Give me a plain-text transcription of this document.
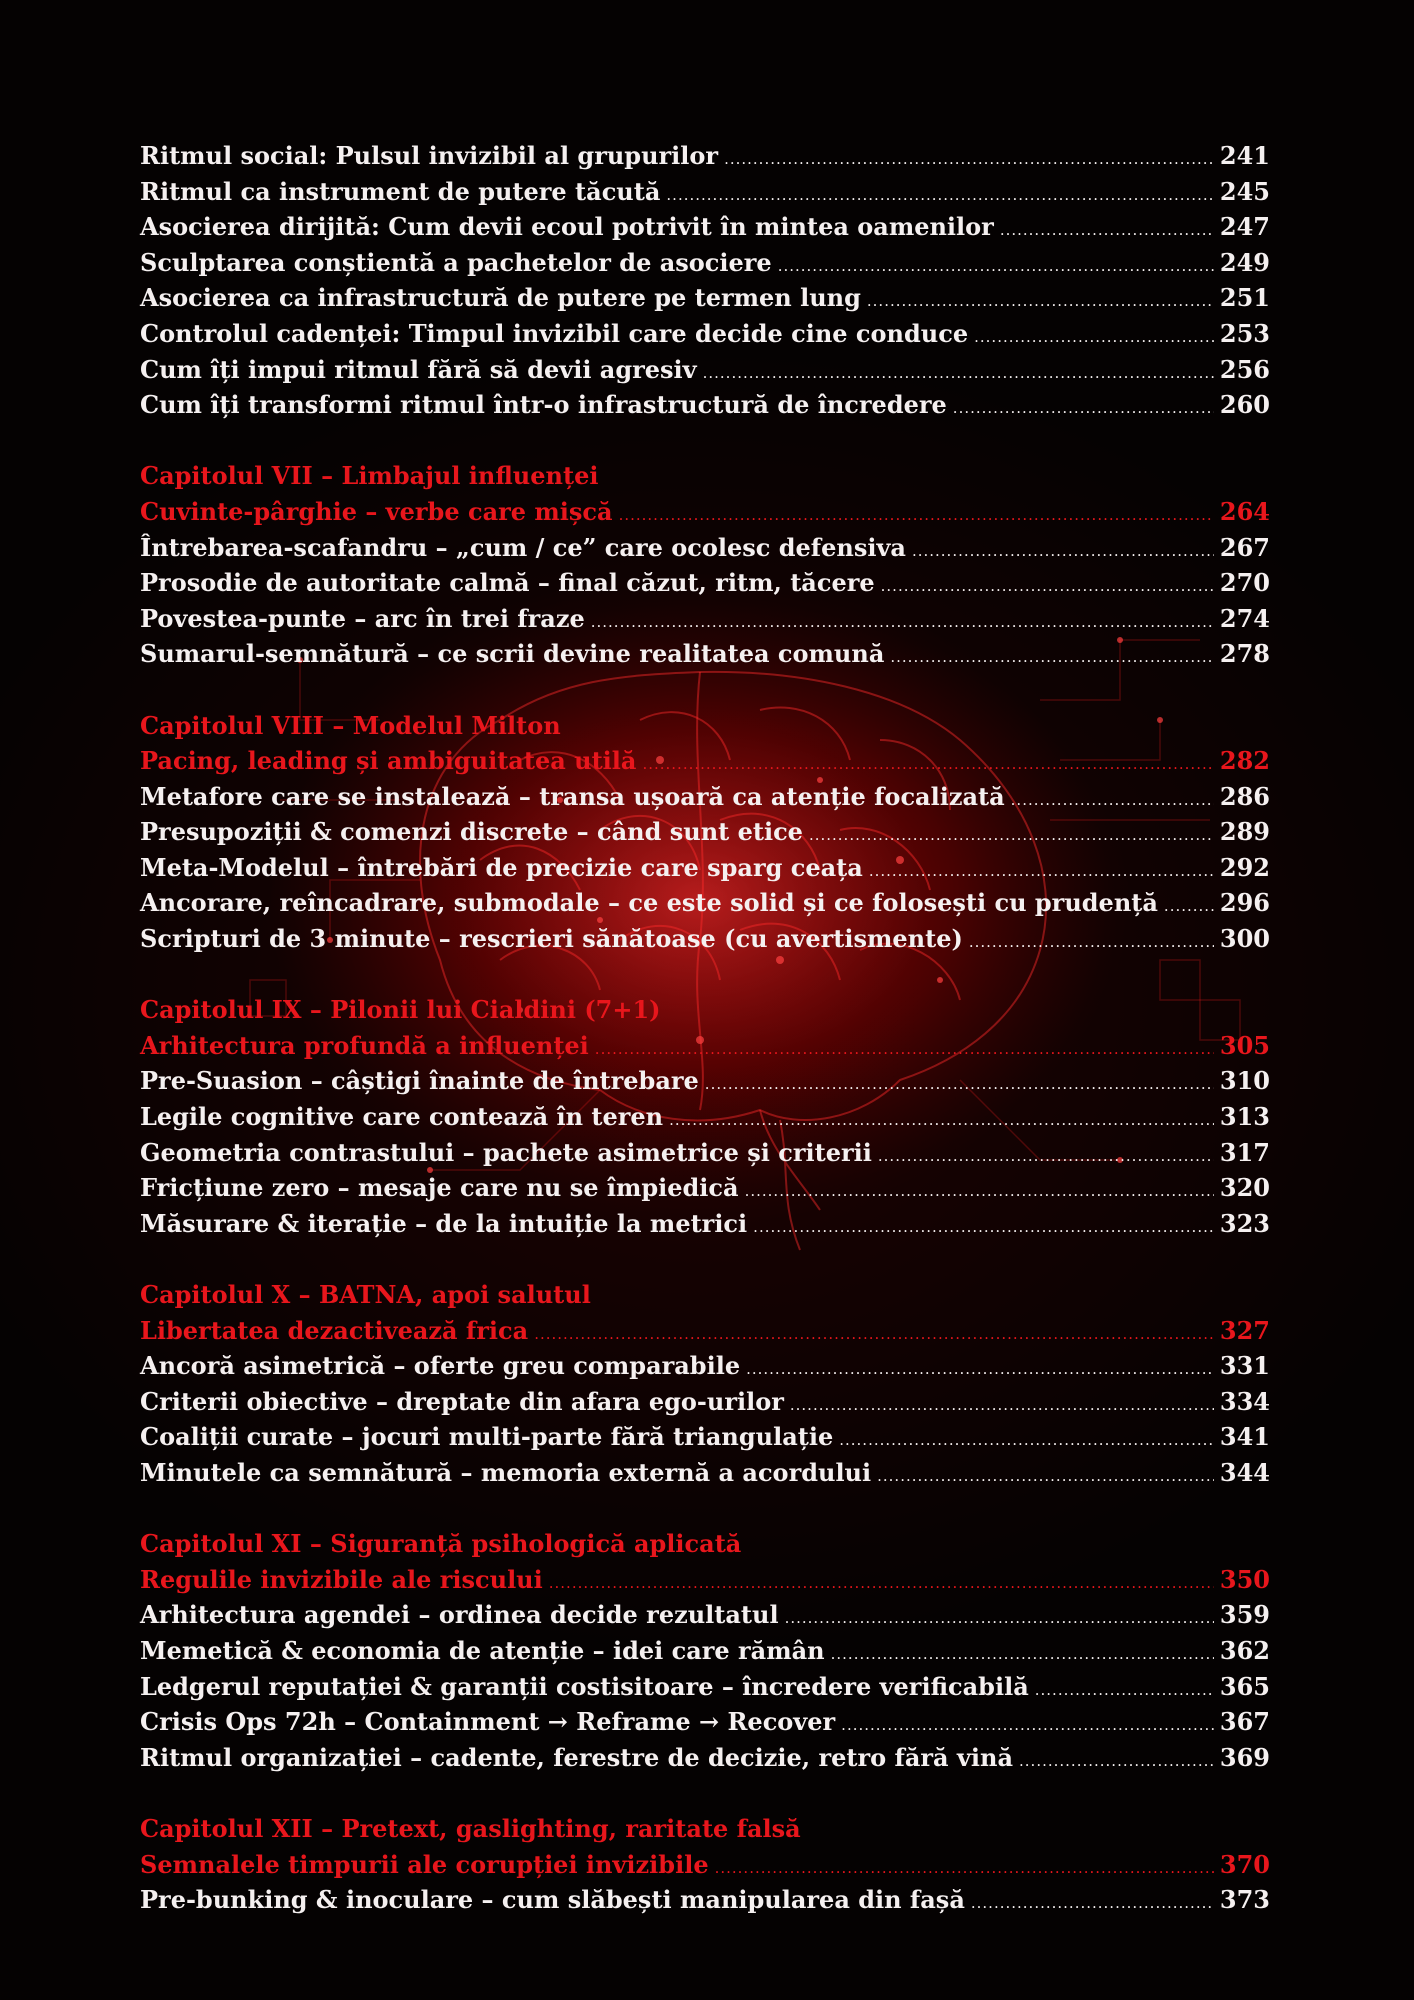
Ritmul social: Pulsul invizibil al grupurilor .....	241
Ritmul ca instrument de putere tăcută .....	245
Asocierea dirijită: Cum devii ecoul potrivit în mintea oamenilor .....	247
Sculptarea conștientă a pachetelor de asociere .....	249
Asocierea ca infrastructură de putere pe termen lung .....	251
Controlul cadenței: Timpul invizibil care decide cine conduce .....	253
Cum îți impui ritmul fără să devii agresiv .....	256
Cum îți transformi ritmul într-o infrastructură de încredere .....	260
Capitolul VII – Limbajul influenței
Cuvinte-pârghie – verbe care mișcă .....	264
Întrebarea-scafandru – „cum / ce” care ocolesc defensiva .....	267
Prosodie de autoritate calmă – final căzut, ritm, tăcere .....	270
Povestea-punte – arc în trei fraze .....	274
Sumarul-semnătură – ce scrii devine realitatea comună .....	278
Capitolul VIII – Modelul Milton
Pacing, leading și ambiguitatea utilă .....	282
Metafore care se instalează – transa ușoară ca atenție focalizată .....	286
Presupoziții & comenzi discrete – când sunt etice .....	289
Meta-Modelul – întrebări de precizie care sparg ceața .....	292
Ancorare, reîncadrare, submodale – ce este solid și ce folosești cu prudență .....	296
Scripturi de 3 minute – rescrieri sănătoase (cu avertismente) .....	300
Capitolul IX – Pilonii lui Cialdini (7+1)
Arhitectura profundă a influenței .....	305
Pre-Suasion – câștigi înainte de întrebare .....	310
Legile cognitive care contează în teren .....	313
Geometria contrastului – pachete asimetrice și criterii .....	317
Fricțiune zero – mesaje care nu se împiedică .....	320
Măsurare & iterație – de la intuiție la metrici .....	323
Capitolul X – BATNA, apoi salutul
Libertatea dezactivează frica .....	327
Ancoră asimetrică – oferte greu comparabile .....	331
Criterii obiective – dreptate din afara ego-urilor .....	334
Coaliții curate – jocuri multi-parte fără triangulație .....	341
Minutele ca semnătură – memoria externă a acordului .....	344
Capitolul XI – Siguranță psihologică aplicată
Regulile invizibile ale riscului .....	350
Arhitectura agendei – ordinea decide rezultatul .....	359
Memetică & economia de atenție – idei care rămân .....	362
Ledgerul reputației & garanții costisitoare – încredere verificabilă .....	365
Crisis Ops 72h – Containment → Reframe → Recover .....	367
Ritmul organizației – cadente, ferestre de decizie, retro fără vină .....	369
Capitolul XII – Pretext, gaslighting, raritate falsă
Semnalele timpurii ale corupției invizibile .....	370
Pre-bunking & inoculare – cum slăbești manipularea din fașă .....	373
